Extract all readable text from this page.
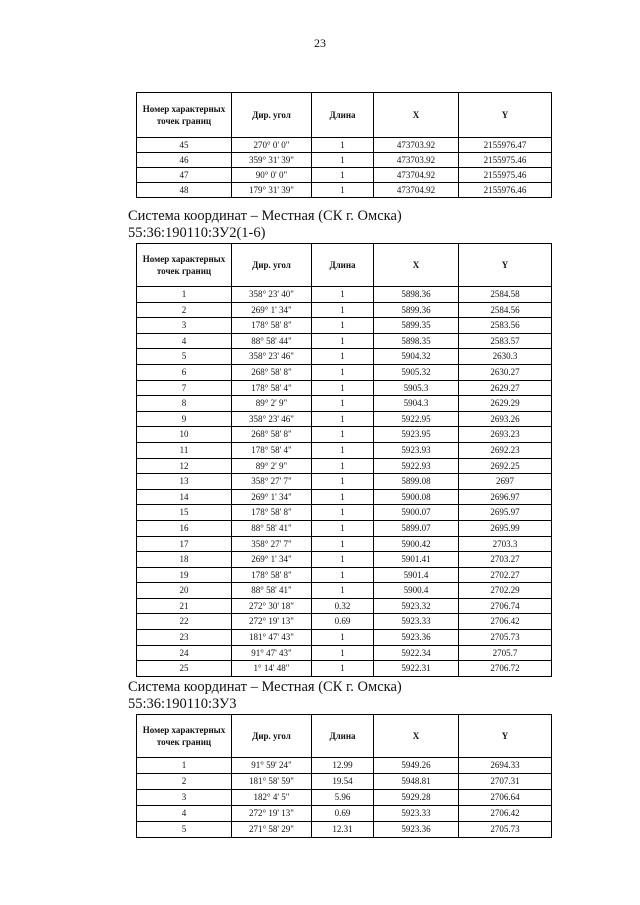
23
Номер характерных точек границ	Дир. угол	Длина	X	Y
45	270° 0' 0"	1	473703.92	2155976.47
46	359° 31' 39"	1	473703.92	2155975.46
47	90° 0' 0"	1	473704.92	2155975.46
48	179° 31' 39"	1	473704.92	2155976.46
Система координат – Местная (СК г. Омска)
55:36:190110:ЗУ2(1-6)
Номер характерных точек границ	Дир. угол	Длина	X	Y
1	358° 23' 40"	1	5898.36	2584.58
2	269° 1' 34"	1	5899.36	2584.56
3	178° 58' 8"	1	5899.35	2583.56
4	88° 58' 44"	1	5898.35	2583.57
5	358° 23' 46"	1	5904.32	2630.3
6	268° 58' 8"	1	5905.32	2630.27
7	178° 58' 4"	1	5905.3	2629.27
8	89° 2' 9"	1	5904.3	2629.29
9	358° 23' 46"	1	5922.95	2693.26
10	268° 58' 8"	1	5923.95	2693.23
11	178° 58' 4"	1	5923.93	2692.23
12	89° 2' 9"	1	5922.93	2692.25
13	358° 27' 7"	1	5899.08	2697
14	269° 1' 34"	1	5900.08	2696.97
15	178° 58' 8"	1	5900.07	2695.97
16	88° 58' 41"	1	5899.07	2695.99
17	358° 27' 7"	1	5900.42	2703.3
18	269° 1' 34"	1	5901.41	2703.27
19	178° 58' 8"	1	5901.4	2702.27
20	88° 58' 41"	1	5900.4	2702.29
21	272° 30' 18"	0.32	5923.32	2706.74
22	272° 19' 13"	0.69	5923.33	2706.42
23	181° 47' 43"	1	5923.36	2705.73
24	91° 47' 43"	1	5922.34	2705.7
25	1° 14' 48"	1	5922.31	2706.72
Система координат – Местная (СК г. Омска)
55:36:190110:ЗУ3
Номер характерных точек границ	Дир. угол	Длина	X	Y
1	91° 59' 24"	12.99	5949.26	2694.33
2	181° 58' 59"	19.54	5948.81	2707.31
3	182° 4' 5"	5.96	5929.28	2706.64
4	272° 19' 13"	0.69	5923.33	2706.42
5	271° 58' 29"	12.31	5923.36	2705.73
